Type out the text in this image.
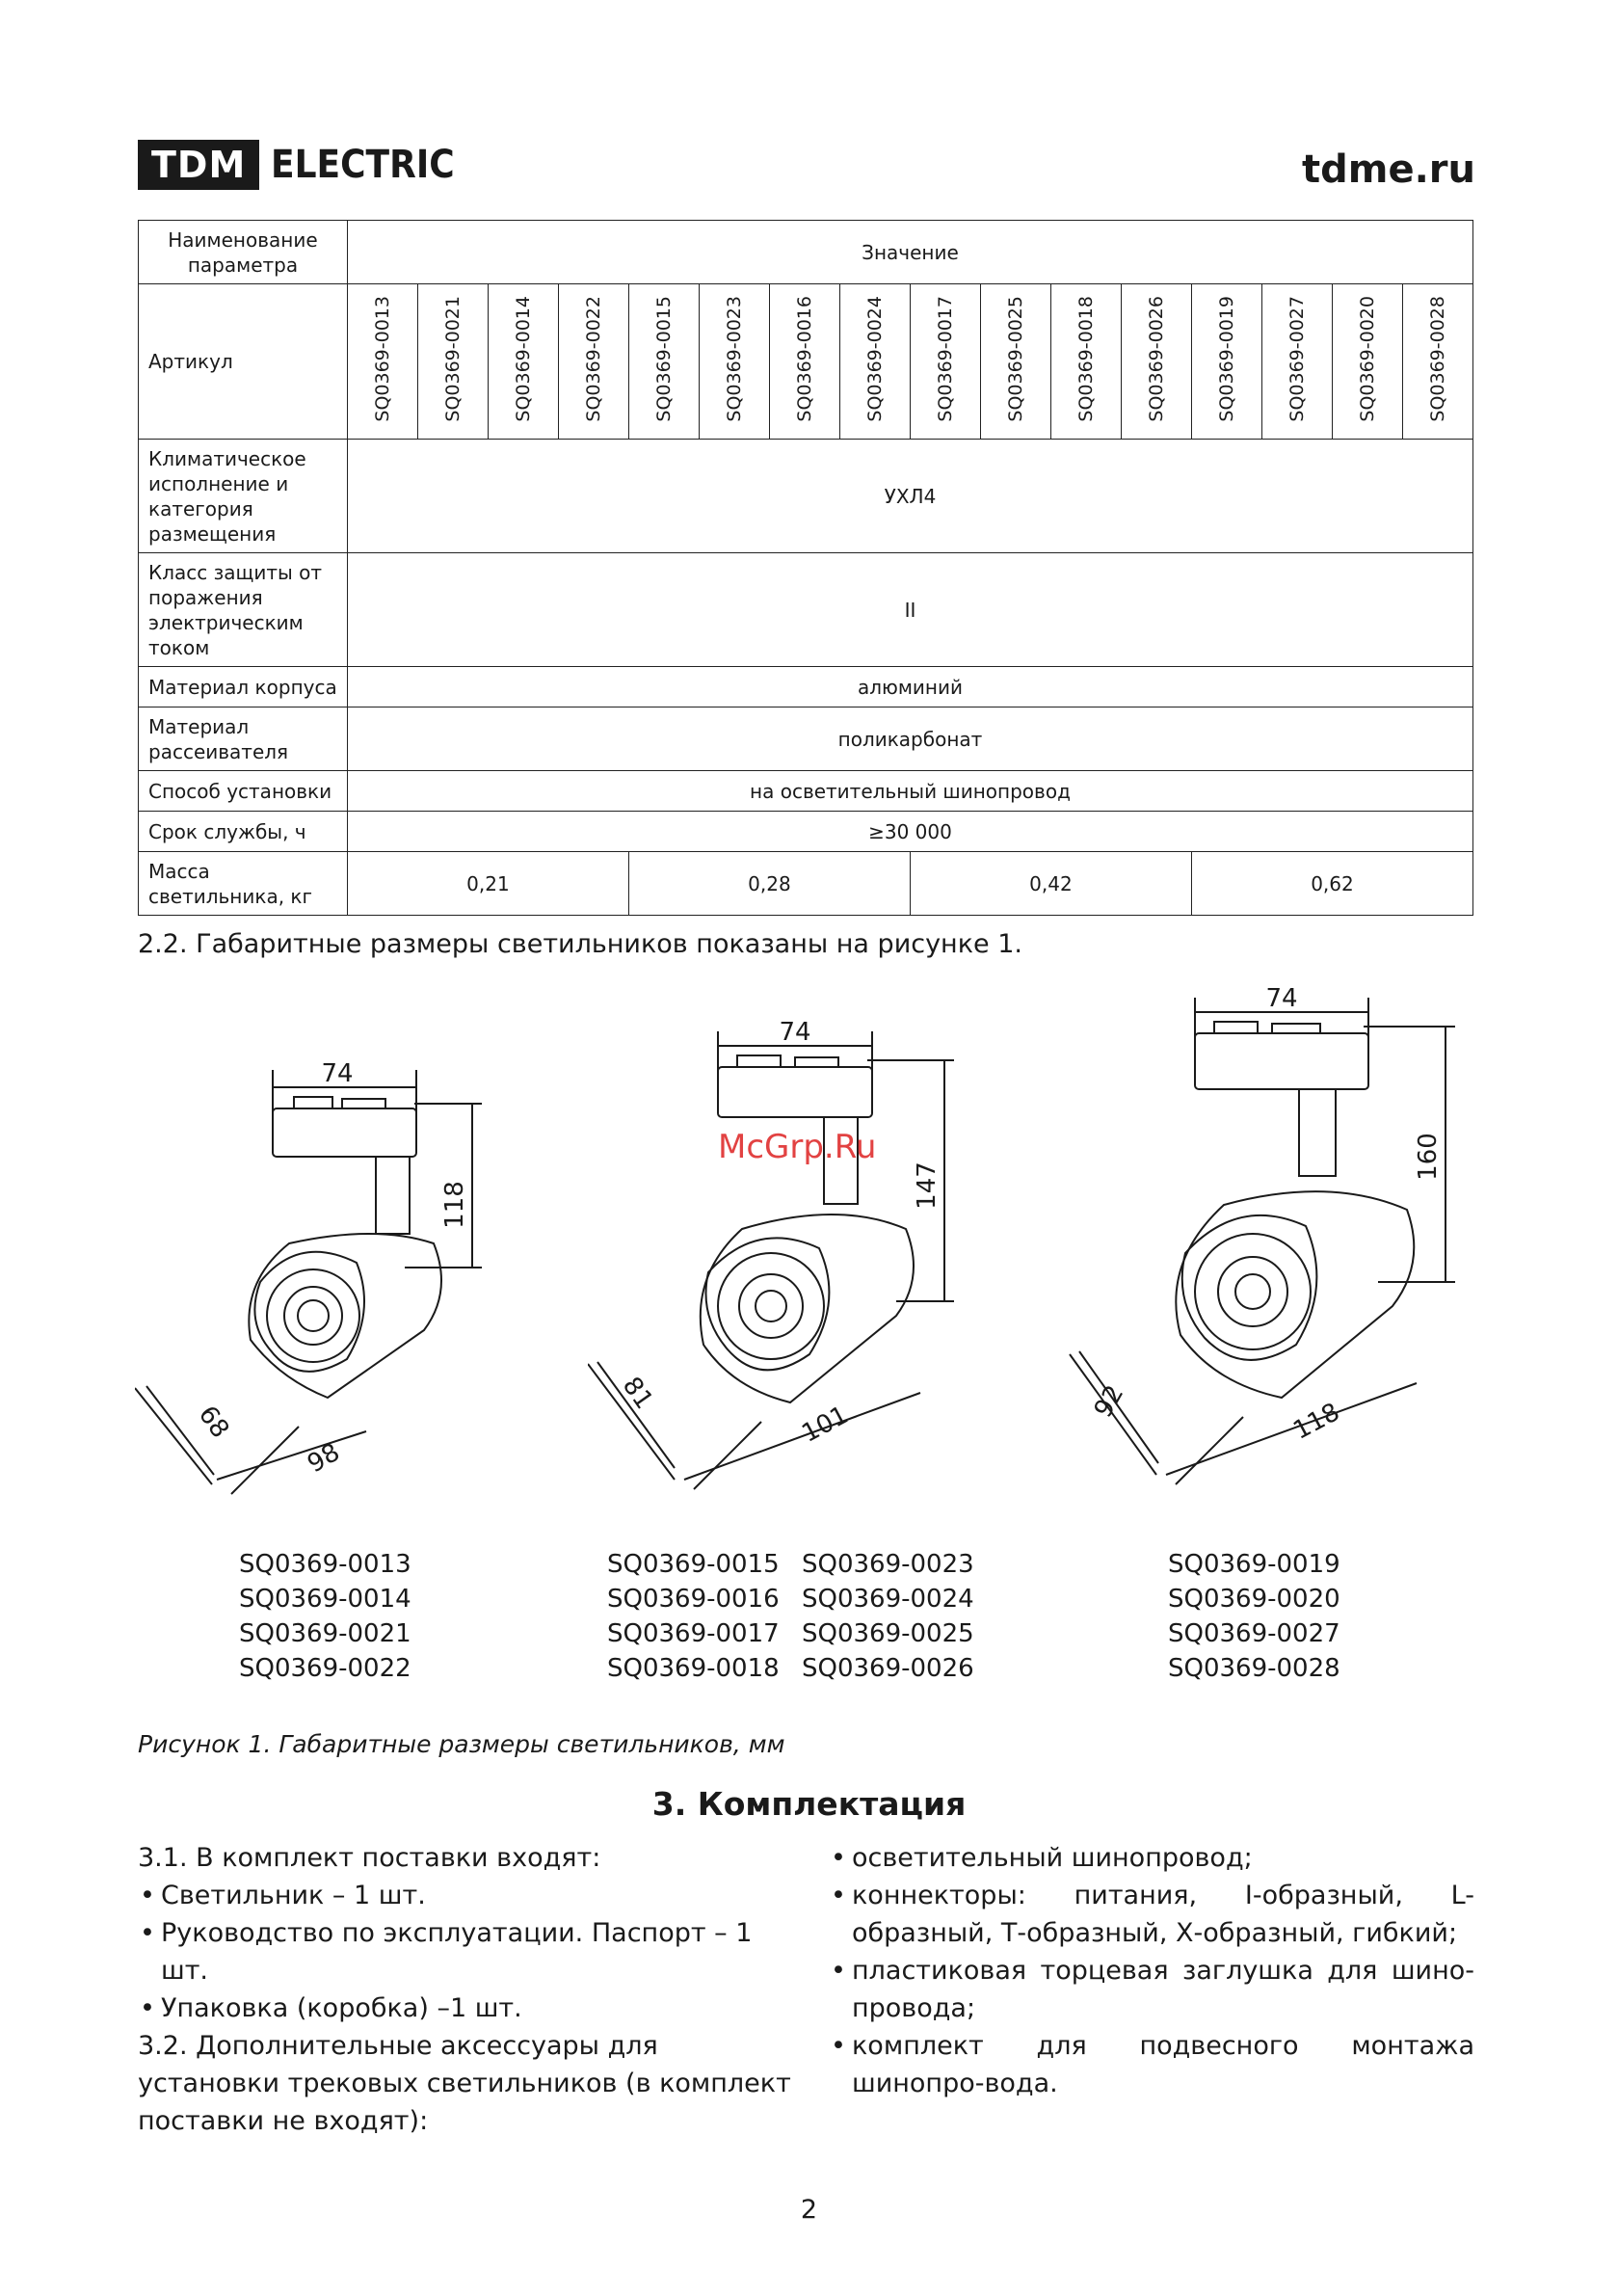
TDM ELECTRIC	tdme.ru
Наименование параметра	Значение															
Артикул	SQ0369-0013	SQ0369-0021	SQ0369-0014	SQ0369-0022	SQ0369-0015	SQ0369-0023	SQ0369-0016	SQ0369-0024	SQ0369-0017	SQ0369-0025	SQ0369-0018	SQ0369-0026	SQ0369-0019	SQ0369-0027	SQ0369-0020	SQ0369-0028
Климатическое исполнение и категория размещения	УХЛ4															
Класс защиты от поражения электрическим током	II															
Материал корпуса	алюминий															
Материал рассеивателя	поликарбонат															
Способ установки	на осветительный шинопровод															
Срок службы, ч	≥30 000															
Масса светильника, кг	0,21				0,28				0,42				0,62			
2.2. Габаритные размеры светильников показаны на рисунке 1.
74
118
68
98
74
147
81
101
74
160
92	118
McGrp.Ru
SQ0369-0013
SQ0369-0014
SQ0369-0021
SQ0369-0022
SQ0369-0015
SQ0369-0016
SQ0369-0017
SQ0369-0018
SQ0369-0023
SQ0369-0024
SQ0369-0025
SQ0369-0026
SQ0369-0019
SQ0369-0020
SQ0369-0027
SQ0369-0028
Рисунок 1. Габаритные размеры светильников, мм
3. Комплектация
3.1. В комплект поставки входят:
• Светильник – 1 шт.
• Руководство по эксплуатации. Паспорт – 1 шт.
• Упаковка (коробка) –1 шт.
3.2. Дополнительные аксессуары для установки трековых светильников (в комплект поставки не входят):
• осветительный шинопровод;
• коннекторы: питания, I-образный, L-образный, Т-образный, Х-образный, гибкий;
• пластиковая торцевая заглушка для шино-провода;
• комплект для подвесного монтажа шинопро-вода.
2
